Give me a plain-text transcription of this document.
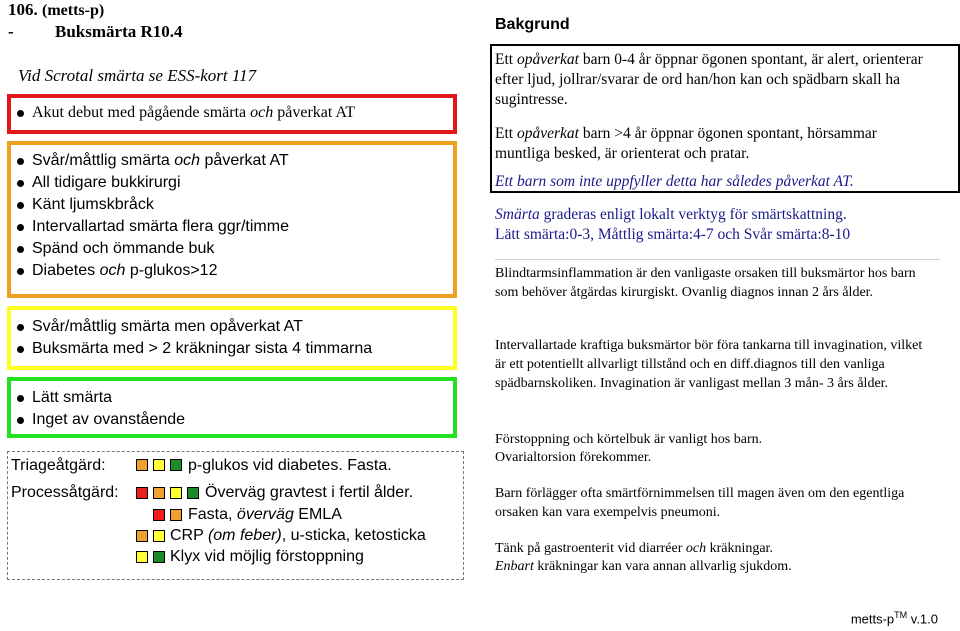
106. (metts-p)
- Buksmärta R10.4
Vid Scrotal smärta se ESS-kort 117
Akut debut med pågående smärta och påverkat AT
Svår/måttlig smärta och påverkat AT
All tidigare bukkirurgi
Känt ljumskbråck
Intervallartad smärta flera ggr/timme
Spänd och ömmande buk
Diabetes och p-glukos>12
Svår/måttlig smärta men opåverkat AT
Buksmärta med > 2 kräkningar sista 4 timmarna
Lätt smärta
Inget av ovanstående
Triageåtgärd:	p-glukos vid diabetes. Fasta.
Processåtgärd:	Överväg gravtest i fertil ålder.
Fasta, överväg EMLA
CRP (om feber), u-sticka, ketosticka
Klyx vid möjlig förstoppning
Bakgrund
Ett opåverkat barn 0-4 år öppnar ögonen spontant, är alert, orienterar efter ljud, jollrar/svarar de ord han/hon kan och spädbarn skall ha sugintresse.
Ett opåverkat barn >4 år öppnar ögonen spontant, hörsammar muntliga besked, är orienterat och pratar.
Ett barn som inte uppfyller detta har således påverkat AT.
Smärta graderas enligt lokalt verktyg för smärtskattning.
Lätt smärta:0-3, Måttlig smärta:4-7 och Svår smärta:8-10
Blindtarmsinflammation är den vanligaste orsaken till buksmärtor hos barn som behöver åtgärdas kirurgiskt. Ovanlig diagnos innan 2 års ålder.
Intervallartade kraftiga buksmärtor bör föra tankarna till invagination, vilket är ett potentiellt allvarligt tillstånd och en diff.diagnos till den vanliga spädbarnskoliken. Invagination är vanligast mellan 3 mån- 3 års ålder.
Förstoppning och körtelbuk är vanligt hos barn.
Ovarialtorsion förekommer.
Barn förlägger ofta smärtförnimmelsen till magen även om den egentliga orsaken kan vara exempelvis pneumoni.
Tänk på gastroenterit vid diarréer och kräkningar.
Enbart kräkningar kan vara annan allvarlig sjukdom.
metts-p™ v.1.0
